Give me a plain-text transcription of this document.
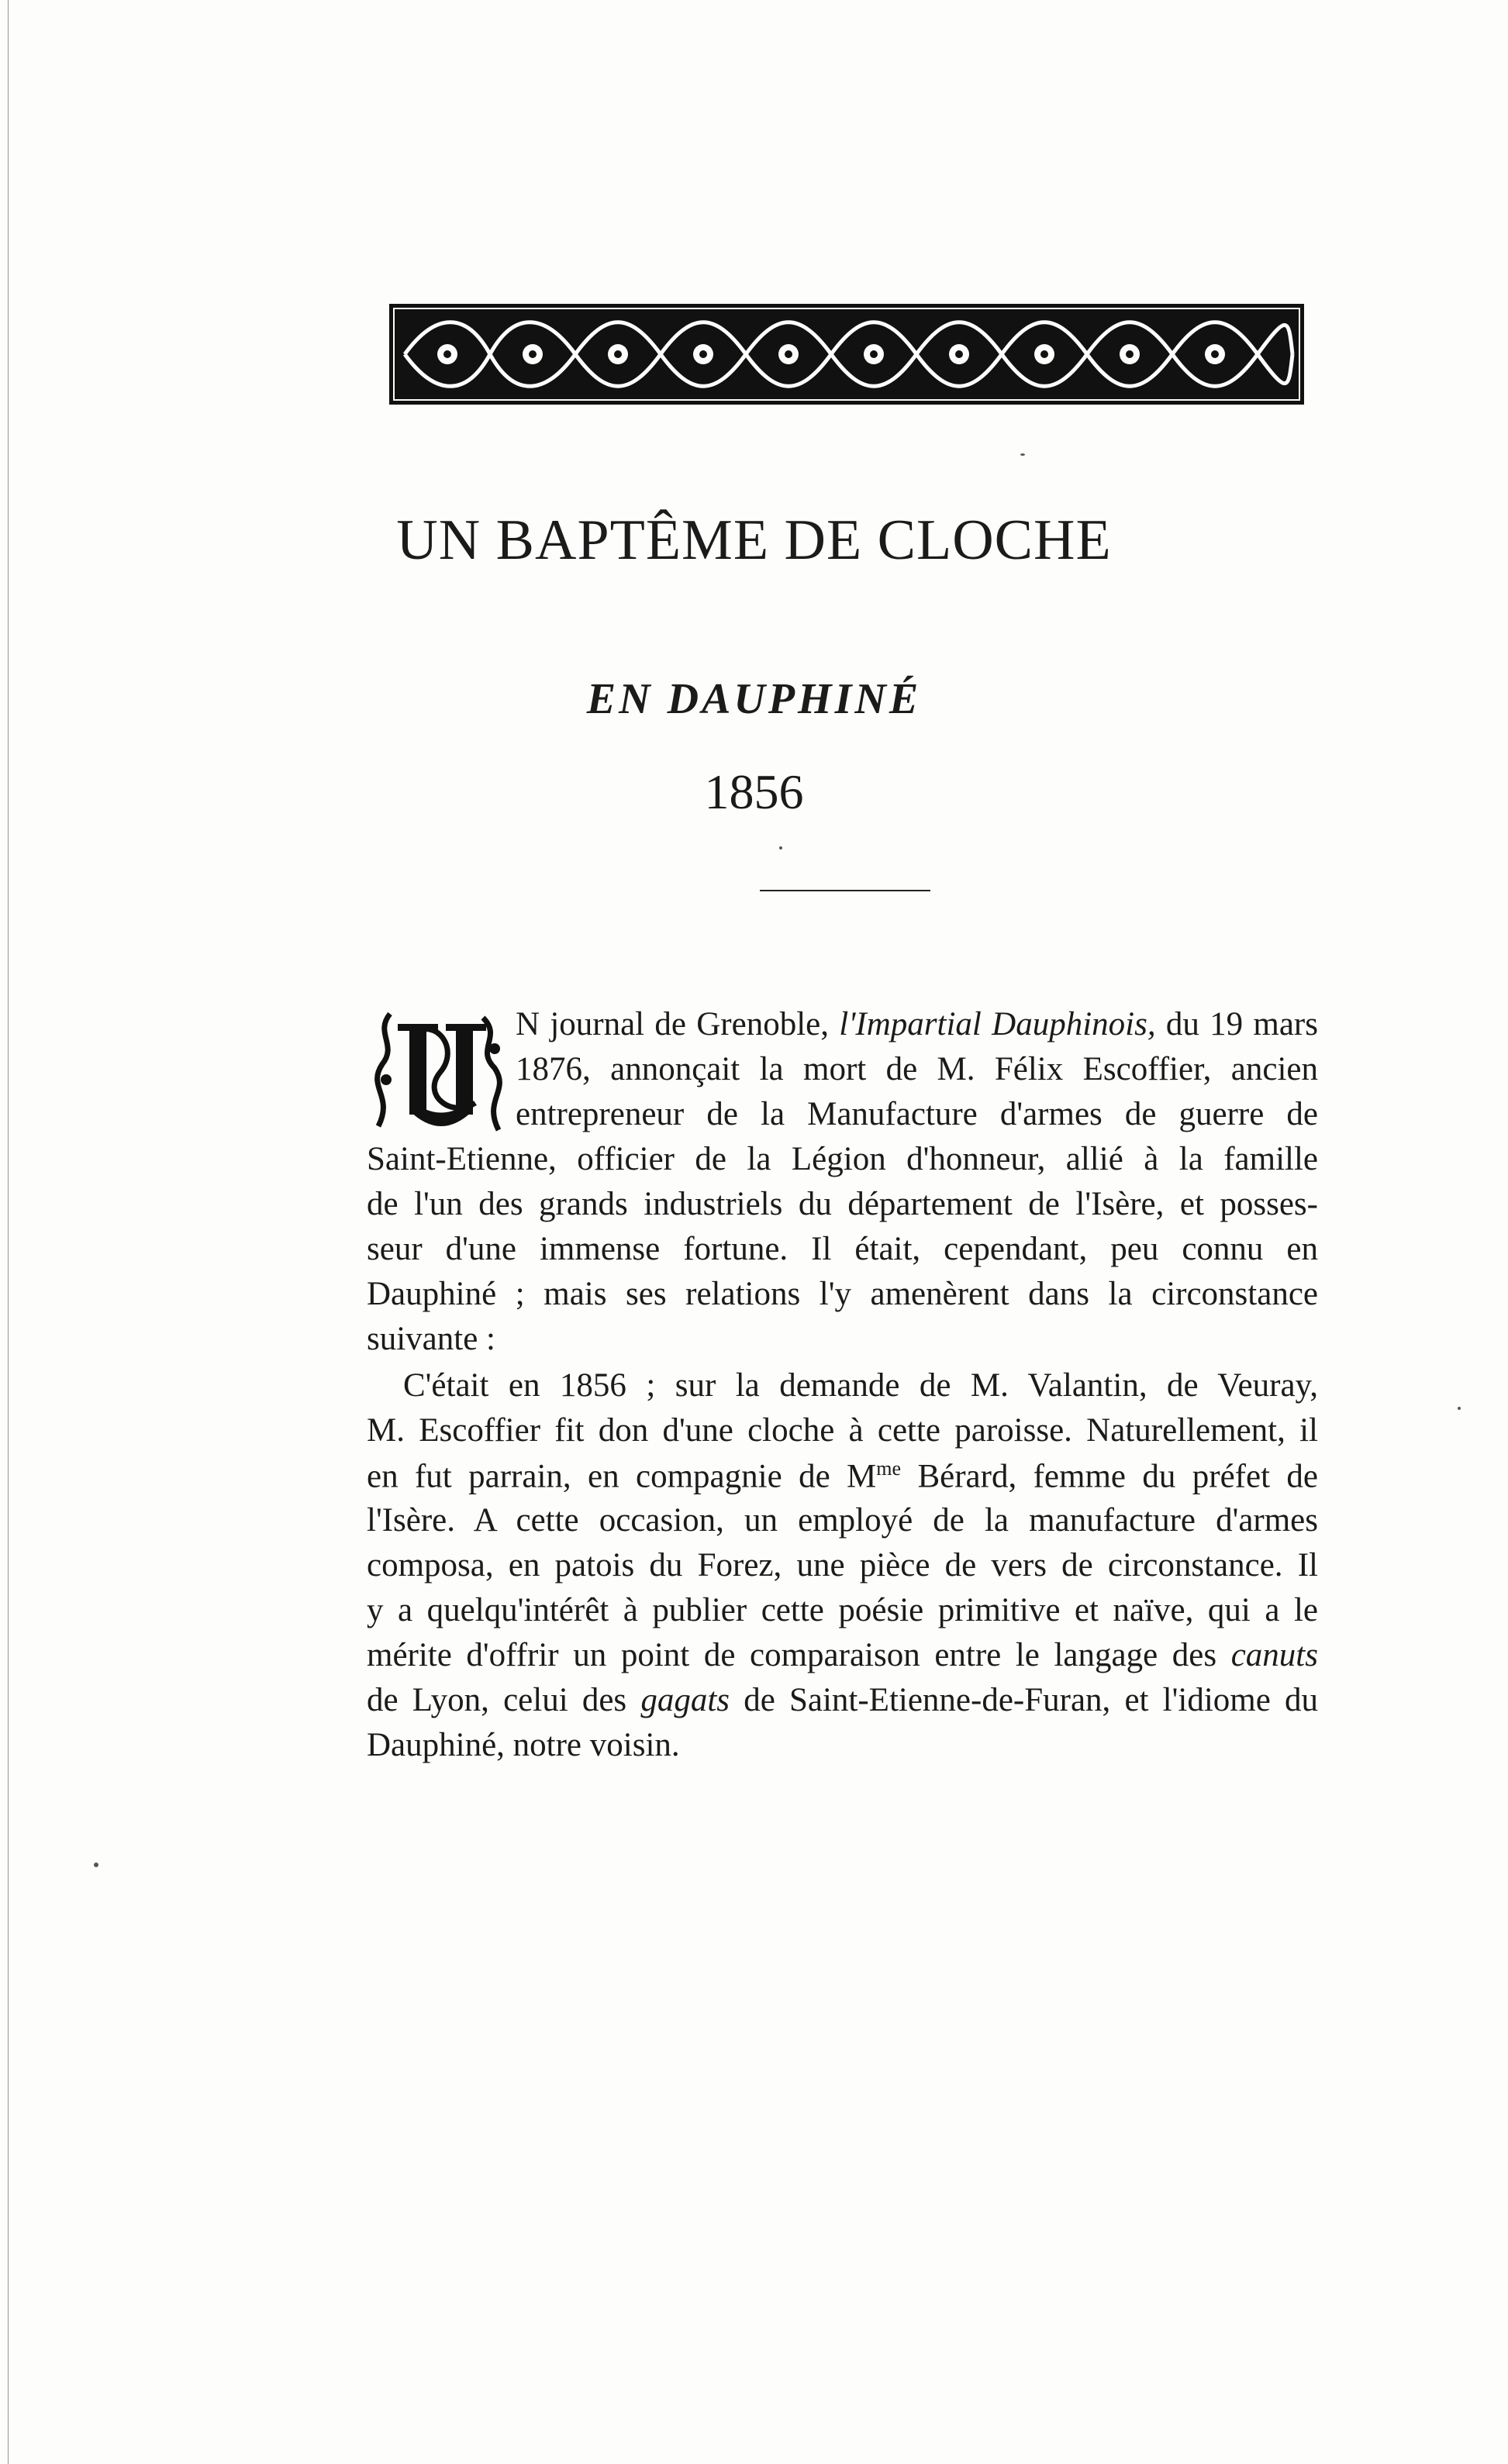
UN BAPTÊME DE CLOCHE
EN DAUPHINÉ
1856
N journal de Grenoble, l'Impartial Dauphinois, du 19 mars
1876, annonçait la mort de M. Félix Escoffier, ancien
entrepreneur de la Manufacture d'armes de guerre de
Saint-Etienne, officier de la Légion d'honneur, allié à la famille
de l'un des grands industriels du département de l'Isère, et posses-
seur d'une immense fortune. Il était, cependant, peu connu en
Dauphiné ; mais ses relations l'y amenèrent dans la circonstance
suivante :
C'était en 1856 ; sur la demande de M. Valantin, de Veuray,
M. Escoffier fit don d'une cloche à cette paroisse. Naturellement, il
en fut parrain, en compagnie de $M^{me}$ Bérard, femme du préfet de
l'Isère. A cette occasion, un employé de la manufacture d'armes
composa, en patois du Forez, une pièce de vers de circonstance. Il
y a quelqu'intérêt à publier cette poésie primitive et naïve, qui a le
mérite d'offrir un point de comparaison entre le langage des canuts
de Lyon, celui des gagats de Saint-Etienne-de-Furan, et l'idiome du
Dauphiné, notre voisin.
